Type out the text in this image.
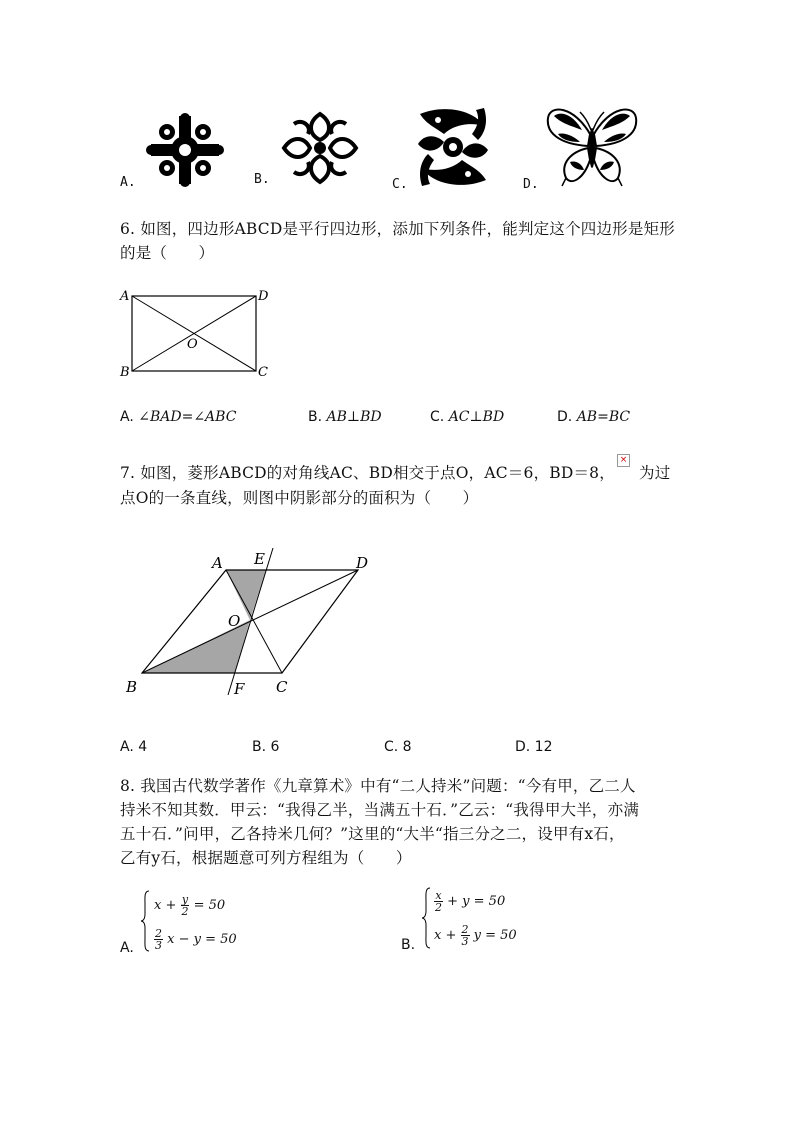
A.	B.	C.	D.
6. 如图，四边形ABCD是平行四边形，添加下列条件，能判定这个四边形是矩形
的是（　　）
A	D
B	C
O
A. ∠BAD=∠ABC	B. AB⊥BD	C. AC⊥BD	D. AB=BC
7. 如图，菱形ABCD的对角线AC、BD相交于点O，AC＝6，BD＝8，
×
为过
点O的一条直线，则图中阴影部分的面积为（　　）
A E	D
O
B	F C
A. 4	B. 6	C. 8	D. 12
8. 我国古代数学著作《九章算术》中有“二人持米”问题：“今有甲，乙二人
持米不知其数．甲云：“我得乙半，当满五十石．”乙云：“我得甲大半，亦满
五十石．”问甲，乙各持米几何？”这里的“大半“指三分之二，设甲有x石，
乙有y石，根据题意可列方程组为（　　）
A.
$x + \frac{y}{2} = 50$
$\frac{2}{3}$ x − y = 50	B.
$\frac{x}{2} + y = 50$
$x + \frac{2}{3}$ y = 50
